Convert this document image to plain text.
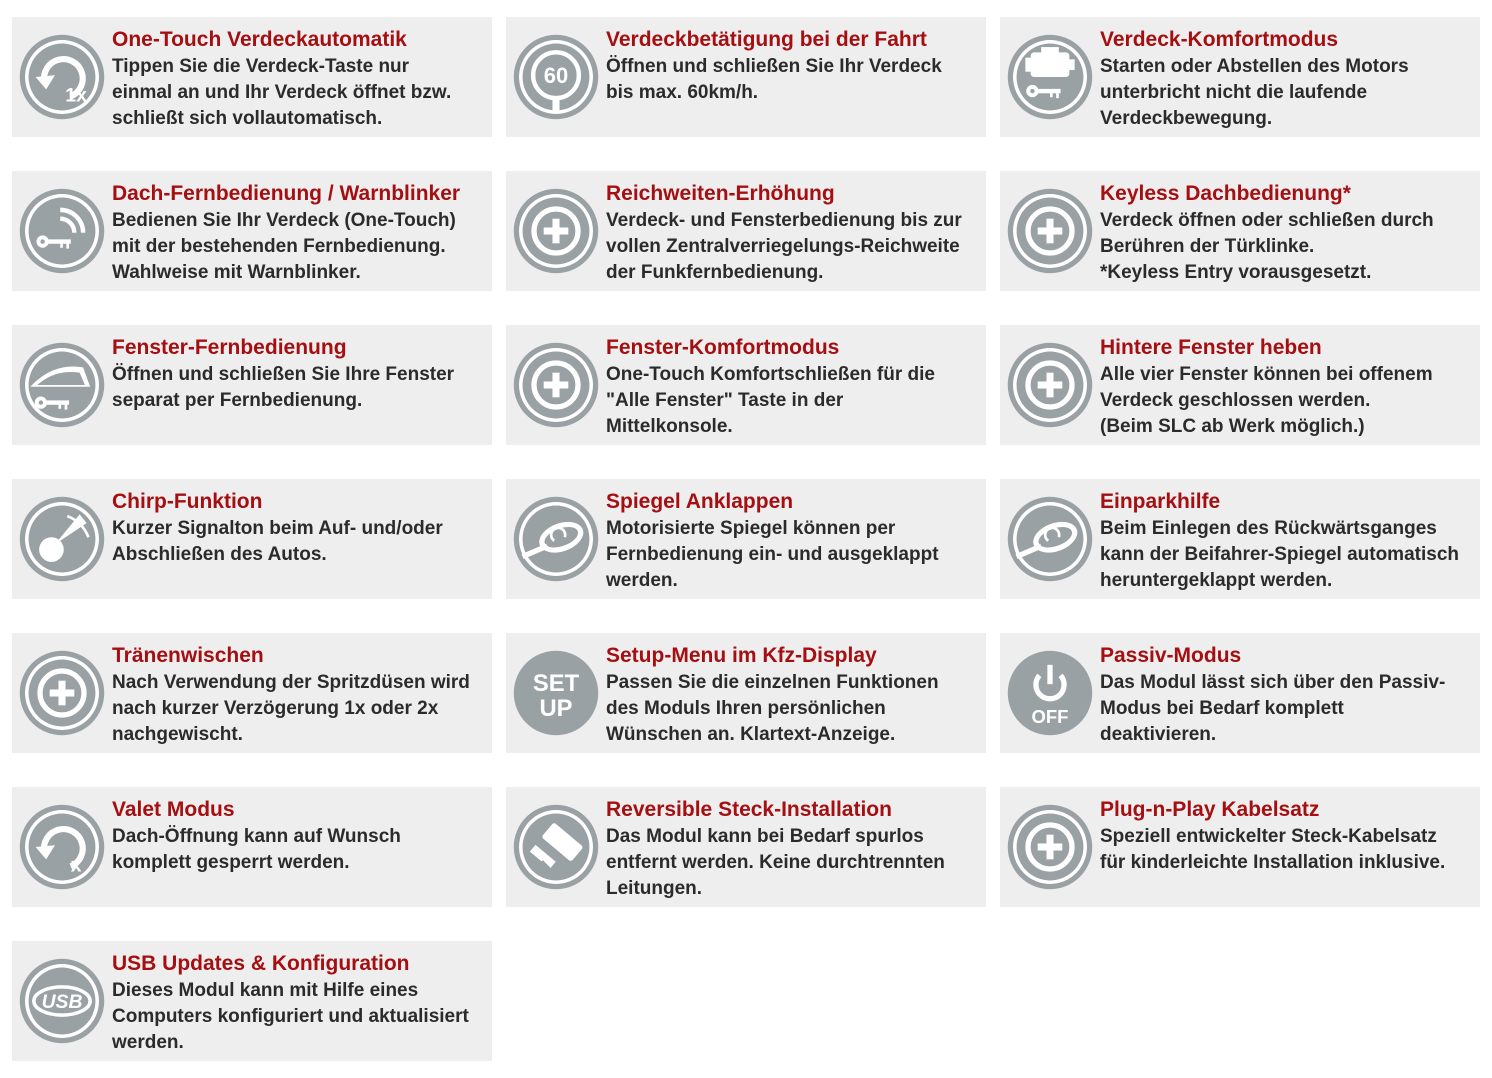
1x
One-Touch Verdeckautomatik
Tippen Sie die Verdeck-Taste nur
einmal an und Ihr Verdeck öffnet bzw.
schließt sich vollautomatisch.
60
Verdeckbetätigung bei der Fahrt
Öffnen und schließen Sie Ihr Verdeck
bis max. 60km/h.
Verdeck-Komfortmodus
Starten oder Abstellen des Motors
unterbricht nicht die laufende
Verdeckbewegung.
Dach-Fernbedienung / Warnblinker
Bedienen Sie Ihr Verdeck (One-Touch)
mit der bestehenden Fernbedienung.
Wahlweise mit Warnblinker.
Reichweiten-Erhöhung
Verdeck- und Fensterbedienung bis zur
vollen Zentralverriegelungs-Reichweite
der Funkfernbedienung.
Keyless Dachbedienung*
Verdeck öffnen oder schließen durch
Berühren der Türklinke.
*Keyless Entry vorausgesetzt.
Fenster-Fernbedienung
Öffnen und schließen Sie Ihre Fenster
separat per Fernbedienung.
Fenster-Komfortmodus
One-Touch Komfortschließen für die
"Alle Fenster" Taste in der
Mittelkonsole.
Hintere Fenster heben
Alle vier Fenster können bei offenem
Verdeck geschlossen werden.
(Beim SLC ab Werk möglich.)
Chirp-Funktion
Kurzer Signalton beim Auf- und/oder
Abschließen des Autos.
Spiegel Anklappen
Motorisierte Spiegel können per
Fernbedienung ein- und ausgeklappt
werden.
Einparkhilfe
Beim Einlegen des Rückwärtsganges
kann der Beifahrer-Spiegel automatisch
heruntergeklappt werden.
Tränenwischen
Nach Verwendung der Spritzdüsen wird
nach kurzer Verzögerung 1x oder 2x
nachgewischt.
SET
UP
Setup-Menu im Kfz-Display
Passen Sie die einzelnen Funktionen
des Moduls Ihren persönlichen
Wünschen an. Klartext-Anzeige.
OFF
Passiv-Modus
Das Modul lässt sich über den Passiv-
Modus bei Bedarf komplett
deaktivieren.
x
Valet Modus
Dach-Öffnung kann auf Wunsch
komplett gesperrt werden.
Reversible Steck-Installation
Das Modul kann bei Bedarf spurlos
entfernt werden. Keine durchtrennten
Leitungen.
Plug-n-Play Kabelsatz
Speziell entwickelter Steck-Kabelsatz
für kinderleichte Installation inklusive.
USB
USB Updates & Konfiguration
Dieses Modul kann mit Hilfe eines
Computers konfiguriert und aktualisiert
werden.
